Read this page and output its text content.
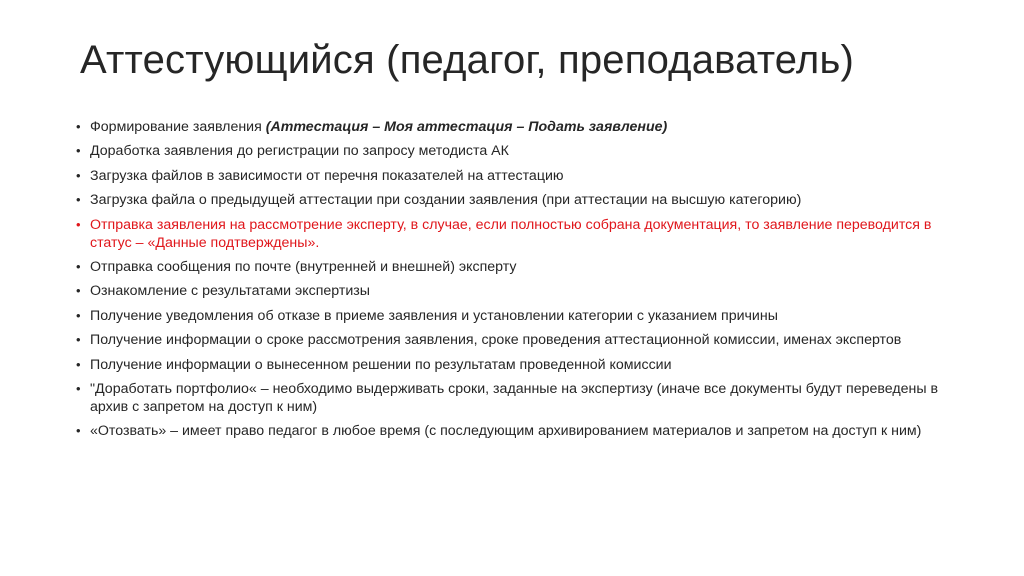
Аттестующийся (педагог, преподаватель)
• Формирование заявления (Аттестация – Моя аттестация – Подать заявление)
• Доработка заявления до регистрации по запросу методиста АК
• Загрузка файлов в зависимости от перечня показателей на аттестацию
• Загрузка файла о предыдущей аттестации при создании заявления (при аттестации на высшую категорию)
• Отправка заявления на рассмотрение эксперту, в случае, если полностью собрана документация, то заявление переводится в статус – «Данные подтверждены».
• Отправка сообщения по почте (внутренней и внешней) эксперту
• Ознакомление с результатами экспертизы
• Получение уведомления об отказе в приеме заявления и установлении категории с указанием причины
• Получение информации о сроке рассмотрения заявления, сроке проведения аттестационной комиссии, именах экспертов
• Получение информации о вынесенном решении по результатам проведенной комиссии
• "Доработать портфолио« – необходимо выдерживать сроки, заданные на экспертизу (иначе все документы будут переведены в архив с запретом на доступ к ним)
• «Отозвать» – имеет право педагог в любое время (с последующим архивированием материалов и запретом на доступ к ним)
